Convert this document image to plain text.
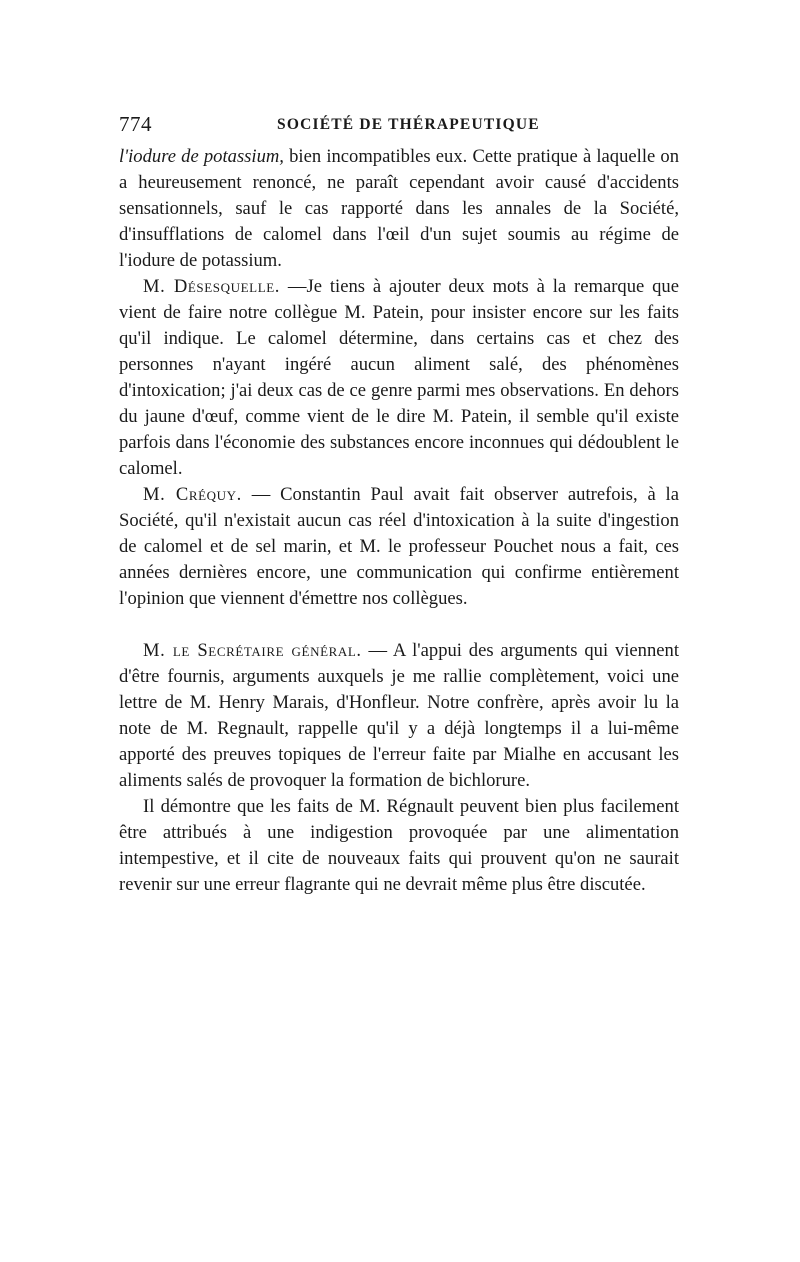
774	SOCIÉTÉ DE THÉRAPEUTIQUE

l'iodure de potassium, bien incompatibles eux. Cette pratique à laquelle on a heureusement renoncé, ne paraît cependant avoir causé d'accidents sensationnels, sauf le cas rapporté dans les annales de la Société, d'insufflations de calomel dans l'œil d'un sujet soumis au régime de l'iodure de potassium.

M. Désesquelle. —Je tiens à ajouter deux mots à la remarque que vient de faire notre collègue M. Patein, pour insister encore sur les faits qu'il indique. Le calomel détermine, dans certains cas et chez des personnes n'ayant ingéré aucun aliment salé, des phénomènes d'intoxication; j'ai deux cas de ce genre parmi mes observations. En dehors du jaune d'œuf, comme vient de le dire M. Patein, il semble qu'il existe parfois dans l'économie des substances encore inconnues qui dédoublent le calomel.

M. Créquy. — Constantin Paul avait fait observer autrefois, à la Société, qu'il n'existait aucun cas réel d'intoxication à la suite d'ingestion de calomel et de sel marin, et M. le professeur Pouchet nous a fait, ces années dernières encore, une communication qui confirme entièrement l'opinion que viennent d'émettre nos collègues.

M. le Secrétaire général. — A l'appui des arguments qui viennent d'être fournis, arguments auxquels je me rallie complètement, voici une lettre de M. Henry Marais, d'Honfleur. Notre confrère, après avoir lu la note de M. Regnault, rappelle qu'il y a déjà longtemps il a lui-même apporté des preuves topiques de l'erreur faite par Mialhe en accusant les aliments salés de provoquer la formation de bichlorure.

Il démontre que les faits de M. Régnault peuvent bien plus facilement être attribués à une indigestion provoquée par une alimentation intempestive, et il cite de nouveaux faits qui prouvent qu'on ne saurait revenir sur une erreur flagrante qui ne devrait même plus être discutée.
